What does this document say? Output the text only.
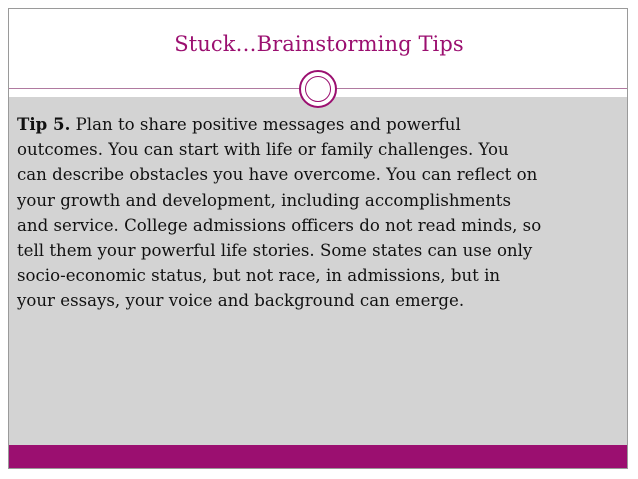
Stuck…Brainstorming Tips

Tip 5. Plan to share positive messages and powerful
outcomes. You can start with life or family challenges. You
can describe obstacles you have overcome. You can reflect on
your growth and development, including accomplishments
and service. College admissions officers do not read minds, so
tell them your powerful life stories. Some states can use only
socio-economic status, but not race, in admissions, but in
your essays, your voice and background can emerge.
